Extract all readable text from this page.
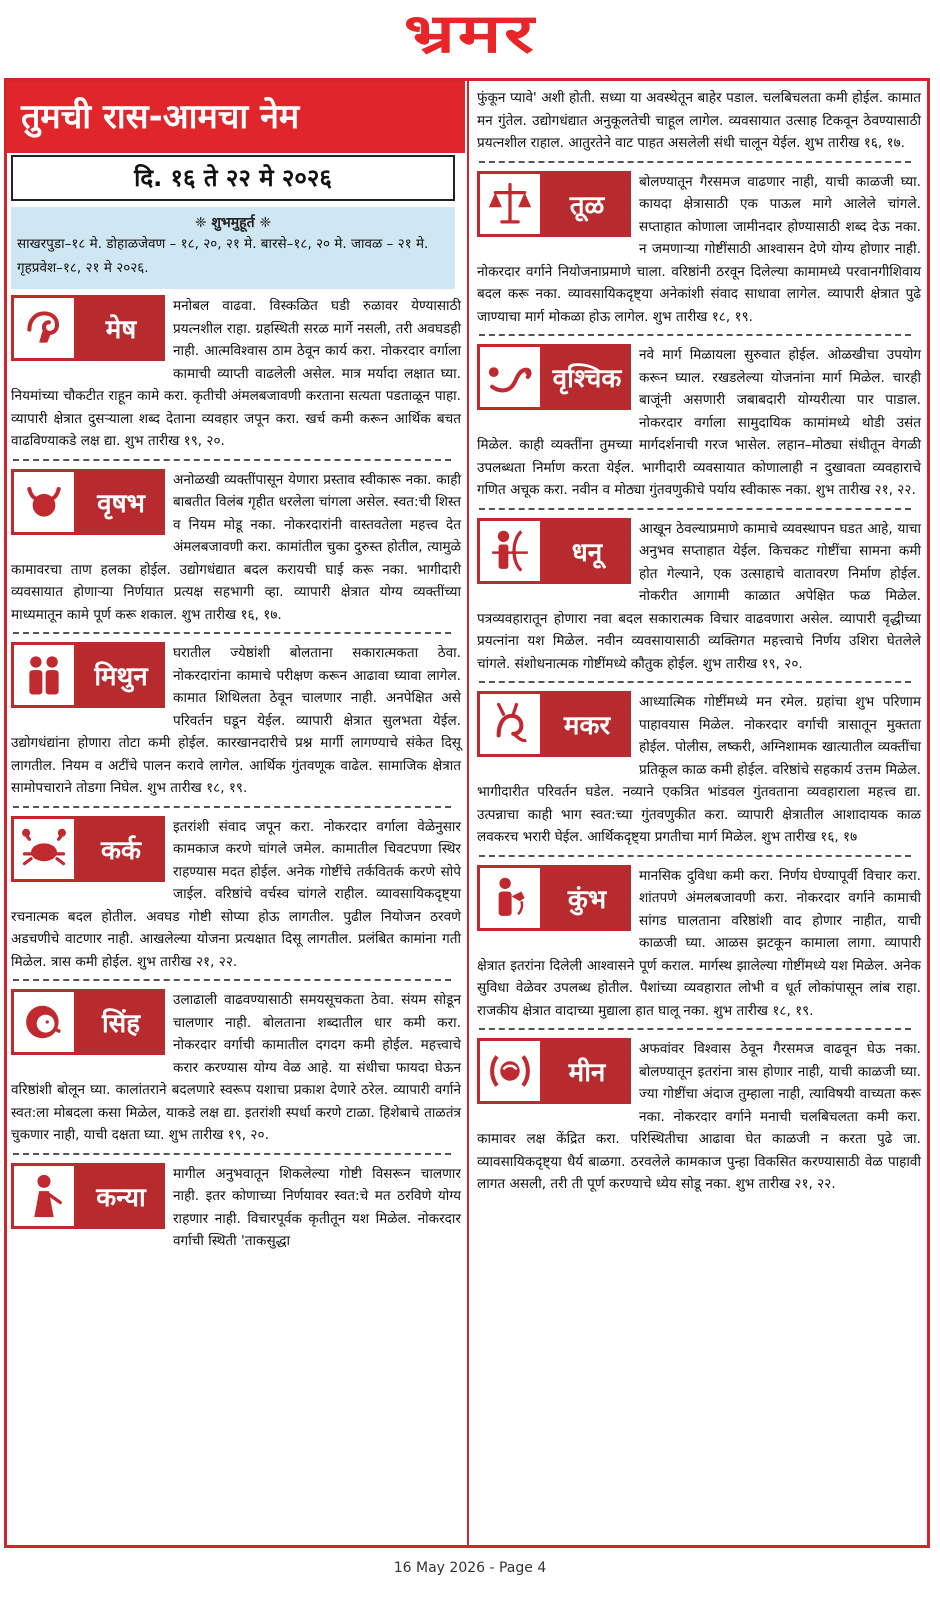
भ्रमर
तुमची रास-आमचा नेम
दि. १६ ते २२ मे २०२६
❈ शुभमुहूर्त ❈
साखरपुडा–१८ मे. डोहाळजेवण – १८, २०, २१ मे. बारसे–१८, २० मे. जावळ – २१ मे. गृहप्रवेश–१८, २१ मे २०२६.
मेष
मनोबल वाढवा. विस्कळित घडी रुळावर येण्यासाठी प्रयत्नशील राहा. ग्रहस्थिती सरळ मार्गे नसली, तरी अवघडही नाही. आत्मविश्वास ठाम ठेवून कार्य करा. नोकरदार वर्गाला कामाची व्याप्ती वाढलेली असेल. मात्र मर्यादा लक्षात घ्या. नियमांच्या चौकटीत राहून कामे करा. कृतीची अंमलबजावणी करताना सत्यता पडताळून पाहा. व्यापारी क्षेत्रात दुसऱ्याला शब्द देताना व्यवहार जपून करा. खर्च कमी करून आर्थिक बचत वाढविण्याकडे लक्ष द्या. शुभ तारीख १९, २०.
वृषभ
अनोळखी व्यक्तींपासून येणारा प्रस्ताव स्वीकारू नका. काही बाबतीत विलंब गृहीत धरलेला चांगला असेल. स्वत:ची शिस्त व नियम मोडू नका. नोकरदारांनी वास्तवतेला महत्त्व देत अंमलबजावणी करा. कामांतील चुका दुरुस्त होतील, त्यामुळे कामावरचा ताण हलका होईल. उद्योगधंद्यात बदल करायची घाई करू नका. भागीदारी व्यवसायात होणाऱ्या निर्णयात प्रत्यक्ष सहभागी व्हा. व्यापारी क्षेत्रात योग्य व्यक्तींच्या माध्यमातून कामे पूर्ण करू शकाल. शुभ तारीख १६, १७.
मिथुन
घरातील ज्येष्ठांशी बोलताना सकारात्मकता ठेवा. नोकरदारांना कामाचे परीक्षण करून आढावा घ्यावा लागेल. कामात शिथिलता ठेवून चालणार नाही. अनपेक्षित असे परिवर्तन घडून येईल. व्यापारी क्षेत्रात सुलभता येईल. उद्योगधंद्यांना होणारा तोटा कमी होईल. कारखानदारीचे प्रश्न मार्गी लागण्याचे संकेत दिसू लागतील. नियम व अटींचे पालन करावे लागेल. आर्थिक गुंतवणूक वाढेल. सामाजिक क्षेत्रात सामोपचाराने तोडगा निघेल. शुभ तारीख १८, १९.
कर्क
इतरांशी संवाद जपून करा. नोकरदार वर्गाला वेळेनुसार कामकाज करणे चांगले जमेल. कामातील चिवटपणा स्थिर राहण्यास मदत होईल. अनेक गोष्टींचे तर्कवितर्क करणे सोपे जाईल. वरिष्ठांचे वर्चस्व चांगले राहील. व्यावसायिकदृष्ट्या रचनात्मक बदल होतील. अवघड गोष्टी सोप्या होऊ लागतील. पुढील नियोजन ठरवणे अडचणीचे वाटणार नाही. आखलेल्या योजना प्रत्यक्षात दिसू लागतील. प्रलंबित कामांना गती मिळेल. त्रास कमी होईल. शुभ तारीख २१, २२.
सिंह
उलाढाली वाढवण्यासाठी समयसूचकता ठेवा. संयम सोडून चालणार नाही. बोलताना शब्दातील धार कमी करा. नोकरदार वर्गाची कामातील दगदग कमी होईल. महत्त्वाचे करार करण्यास योग्य वेळ आहे. या संधीचा फायदा घेऊन वरिष्ठांशी बोलून घ्या. कालांतराने बदलणारे स्वरूप यशाचा प्रकाश देणारे ठरेल. व्यापारी वर्गाने स्वत:ला मोबदला कसा मिळेल, याकडे लक्ष द्या. इतरांशी स्पर्धा करणे टाळा. हिशेबाचे ताळतंत्र चुकणार नाही, याची दक्षता घ्या. शुभ तारीख १९, २०.
कन्या
मागील अनुभवातून शिकलेल्या गोष्टी विसरून चालणार नाही. इतर कोणाच्या निर्णयावर स्वत:चे मत ठरविणे योग्य राहणार नाही. विचारपूर्वक कृतीतून यश मिळेल. नोकरदार वर्गाची स्थिती 'ताकसुद्धा
फुंकून प्यावे' अशी होती. सध्या या अवस्थेतून बाहेर पडाल. चलबिचलता कमी होईल. कामात मन गुंतेल. उद्योगधंद्यात अनुकूलतेची चाहूल लागेल. व्यवसायात उत्साह टिकवून ठेवण्यासाठी प्रयत्नशील राहाल. आतुरतेने वाट पाहत असलेली संधी चालून येईल. शुभ तारीख १६, १७.
तूळ
बोलण्यातून गैरसमज वाढणार नाही, याची काळजी घ्या. कायदा क्षेत्रासाठी एक पाऊल मागे आलेले चांगले. सप्ताहात कोणाला जामीनदार होण्यासाठी शब्द देऊ नका. न जमणाऱ्या गोष्टींसाठी आश्वासन देणे योग्य होणार नाही. नोकरदार वर्गाने नियोजनाप्रमाणे चाला. वरिष्ठांनी ठरवून दिलेल्या कामामध्ये परवानगीशिवाय बदल करू नका. व्यावसायिकदृष्ट्या अनेकांशी संवाद साधावा लागेल. व्यापारी क्षेत्रात पुढे जाण्याचा मार्ग मोकळा होऊ लागेल. शुभ तारीख १८, १९.
वृश्चिक
नवे मार्ग मिळायला सुरुवात होईल. ओळखीचा उपयोग करून घ्याल. रखडलेल्या योजनांना मार्ग मिळेल. चारही बाजूंनी असणारी जबाबदारी योग्यरीत्या पार पाडाल. नोकरदार वर्गाला सामुदायिक कामांमध्ये थोडी उसंत मिळेल. काही व्यक्तींना तुमच्या मार्गदर्शनाची गरज भासेल. लहान–मोठ्या संधीतून वेगळी उपलब्धता निर्माण करता येईल. भागीदारी व्यवसायात कोणालाही न दुखावता व्यवहाराचे गणित अचूक करा. नवीन व मोठ्या गुंतवणुकीचे पर्याय स्वीकारू नका. शुभ तारीख २१, २२.
धनू
आखून ठेवल्याप्रमाणे कामाचे व्यवस्थापन घडत आहे, याचा अनुभव सप्ताहात येईल. किचकट गोष्टींचा सामना कमी होत गेल्याने, एक उत्साहाचे वातावरण निर्माण होईल. नोकरीत आगामी काळात अपेक्षित फळ मिळेल. पत्रव्यवहारातून होणारा नवा बदल सकारात्मक विचार वाढवणारा असेल. व्यापारी वृद्धीच्या प्रयत्नांना यश मिळेल. नवीन व्यवसायासाठी व्यक्तिगत महत्त्वाचे निर्णय उशिरा घेतलेले चांगले. संशोधनात्मक गोष्टींमध्ये कौतुक होईल. शुभ तारीख १९, २०.
मकर
आध्यात्मिक गोष्टींमध्ये मन रमेल. ग्रहांचा शुभ परिणाम पाहावयास मिळेल. नोकरदार वर्गाची त्रासातून मुक्तता होईल. पोलीस, लष्करी, अग्निशामक खात्यातील व्यक्तींचा प्रतिकूल काळ कमी होईल. वरिष्ठांचे सहकार्य उत्तम मिळेल. भागीदारीत परिवर्तन घडेल. नव्याने एकत्रित भांडवल गुंतवताना व्यवहाराला महत्त्व द्या. उत्पन्नाचा काही भाग स्वत:च्या गुंतवणुकीत करा. व्यापारी क्षेत्रातील आशादायक काळ लवकरच भरारी घेईल. आर्थिकदृष्ट्या प्रगतीचा मार्ग मिळेल. शुभ तारीख १६, १७
कुंभ
मानसिक दुविधा कमी करा. निर्णय घेण्यापूर्वी विचार करा. शांतपणे अंमलबजावणी करा. नोकरदार वर्गाने कामाची सांगड घालताना वरिष्ठांशी वाद होणार नाहीत, याची काळजी घ्या. आळस झटकून कामाला लागा. व्यापारी क्षेत्रात इतरांना दिलेली आश्वासने पूर्ण कराल. मार्गस्थ झालेल्या गोष्टींमध्ये यश मिळेल. अनेक सुविधा वेळेवर उपलब्ध होतील. पैशांच्या व्यवहारात लोभी व धूर्त लोकांपासून लांब राहा. राजकीय क्षेत्रात वादाच्या मुद्याला हात घालू नका. शुभ तारीख १८, १९.
मीन
अफवांवर विश्वास ठेवून गैरसमज वाढवून घेऊ नका. बोलण्यातून इतरांना त्रास होणार नाही, याची काळजी घ्या. ज्या गोष्टींचा अंदाज तुम्हाला नाही, त्याविषयी वाच्यता करू नका. नोकरदार वर्गाने मनाची चलबिचलता कमी करा. कामावर लक्ष केंद्रित करा. परिस्थितीचा आढावा घेत काळजी न करता पुढे जा. व्यावसायिकदृष्ट्या धैर्य बाळगा. ठरवलेले कामकाज पुन्हा विकसित करण्यासाठी वेळ पाहावी लागत असली, तरी ती पूर्ण करण्याचे ध्येय सोडू नका. शुभ तारीख २१, २२.
16 May 2026 - Page 4
